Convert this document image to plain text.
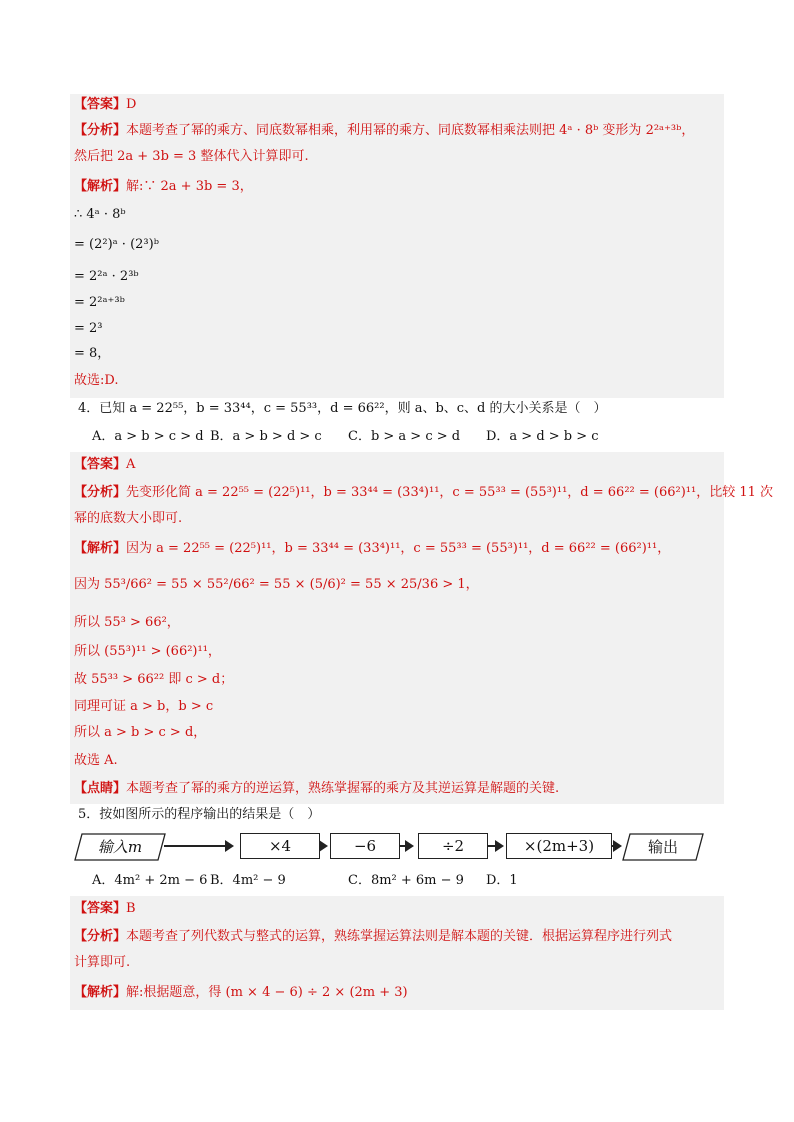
【答案】D
【分析】本题考查了幂的乘方、同底数幂相乘，利用幂的乘方、同底数幂相乘法则把 4ᵃ · 8ᵇ 变形为 2²ᵃ⁺³ᵇ，
然后把 2a + 3b = 3 整体代入计算即可.
【解析】解:∵ 2a + 3b = 3，
∴ 4ᵃ · 8ᵇ
= (2²)ᵃ · (2³)ᵇ
= 2²ᵃ · 2³ᵇ
= 2²ᵃ⁺³ᵇ
= 2³
= 8，
故选:D.
4．已知 a = 22⁵⁵，b = 33⁴⁴，c = 55³³，d = 66²²，则 a、b、c、d 的大小关系是（　）
A．a > b > c > d B．a > b > d > c C．b > a > c > d D．a > d > b > c
【答案】A
【分析】先变形化简 a = 22⁵⁵ = (22⁵)¹¹，b = 33⁴⁴ = (33⁴)¹¹，c = 55³³ = (55³)¹¹，d = 66²² = (66²)¹¹，比较 11 次
幂的底数大小即可.
【解析】因为 a = 22⁵⁵ = (22⁵)¹¹，b = 33⁴⁴ = (33⁴)¹¹，c = 55³³ = (55³)¹¹，d = 66²² = (66²)¹¹，
因为 55³/66² = 55 × 55²/66² = 55 × (5/6)² = 55 × 25/36 > 1，
所以 55³ > 66²，
所以 (55³)¹¹ > (66²)¹¹，
故 55³³ > 66²² 即 c > d；
同理可证 a > b，b > c
所以 a > b > c > d，
故选 A.
【点睛】本题考查了幂的乘方的逆运算，熟练掌握幂的乘方及其逆运算是解题的关键.
5．按如图所示的程序输出的结果是（　）
输入m	×4	−6	÷2	×(2m+3)	输出
A．4m² + 2m − 6 B．4m² − 9	C．8m² + 6m − 9 D．1
【答案】B
【分析】本题考查了列代数式与整式的运算，熟练掌握运算法则是解本题的关键．根据运算程序进行列式
计算即可.
【解析】解:根据题意，得 (m × 4 − 6) ÷ 2 × (2m + 3)
